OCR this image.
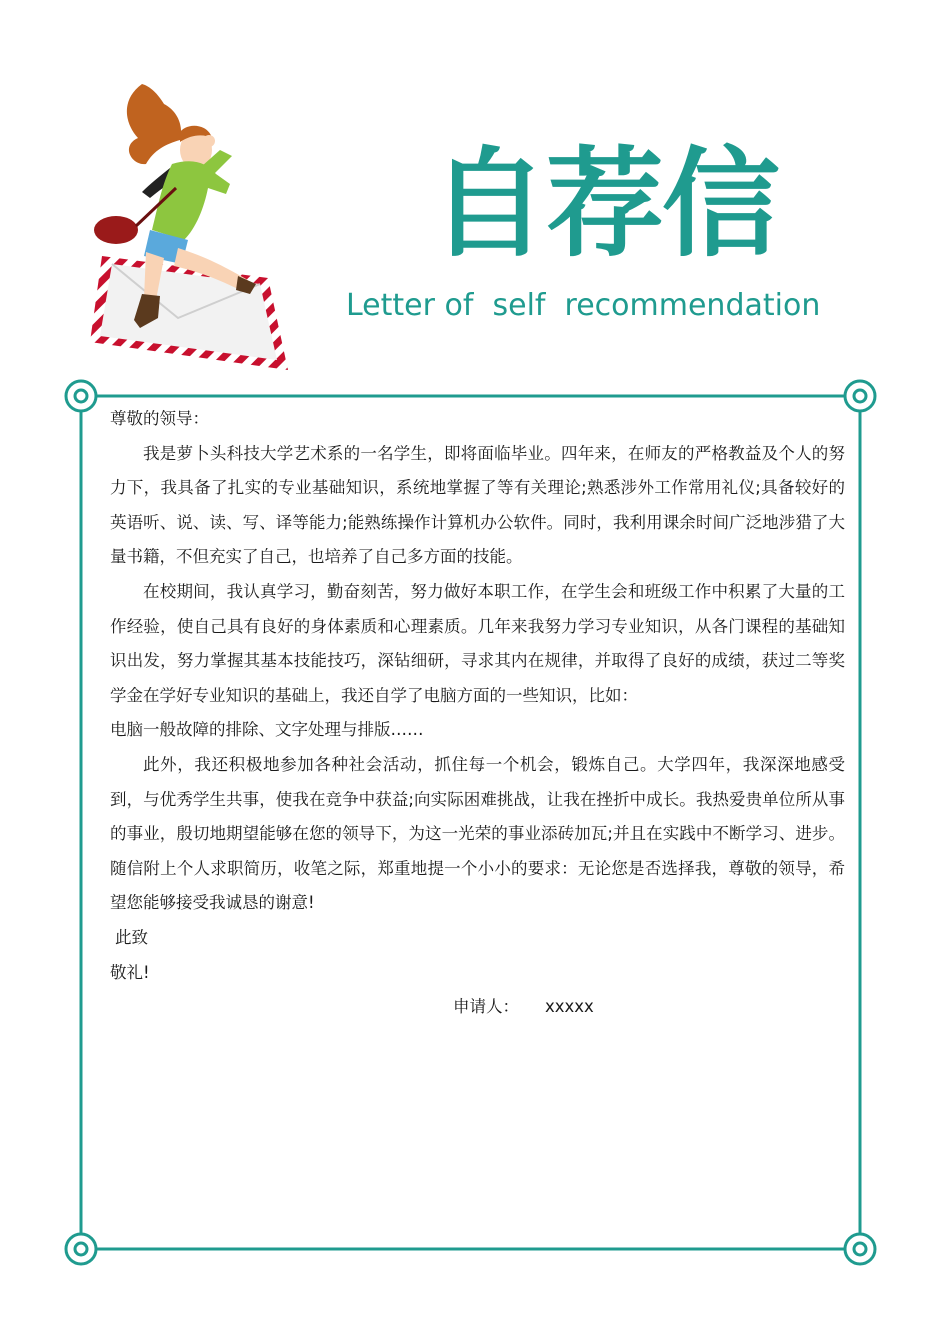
自荐信
Letter of  self  recommendation

尊敬的领导：

我是萝卜头科技大学艺术系的一名学生，即将面临毕业。四年来，在师友的严格教益及个人的努力下，我具备了扎实的专业基础知识，系统地掌握了等有关理论;熟悉涉外工作常用礼仪;具备较好的英语听、说、读、写、译等能力;能熟练操作计算机办公软件。同时，我利用课余时间广泛地涉猎了大量书籍，不但充实了自己，也培养了自己多方面的技能。

在校期间，我认真学习，勤奋刻苦，努力做好本职工作，在学生会和班级工作中积累了大量的工作经验，使自己具有良好的身体素质和心理素质。几年来我努力学习专业知识，从各门课程的基础知识出发，努力掌握其基本技能技巧，深钻细研，寻求其内在规律，并取得了良好的成绩，获过二等奖学金在学好专业知识的基础上，我还自学了电脑方面的一些知识，比如：

电脑一般故障的排除、文字处理与排版……

此外，我还积极地参加各种社会活动，抓住每一个机会，锻炼自己。大学四年，我深深地感受到，与优秀学生共事，使我在竞争中获益;向实际困难挑战，让我在挫折中成长。我热爱贵单位所从事的事业，殷切地期望能够在您的领导下，为这一光荣的事业添砖加瓦;并且在实践中不断学习、进步。随信附上个人求职简历，收笔之际，郑重地提一个小小的要求：无论您是否选择我，尊敬的领导，希望您能够接受我诚恳的谢意!

此致

敬礼!

申请人： xxxxx
